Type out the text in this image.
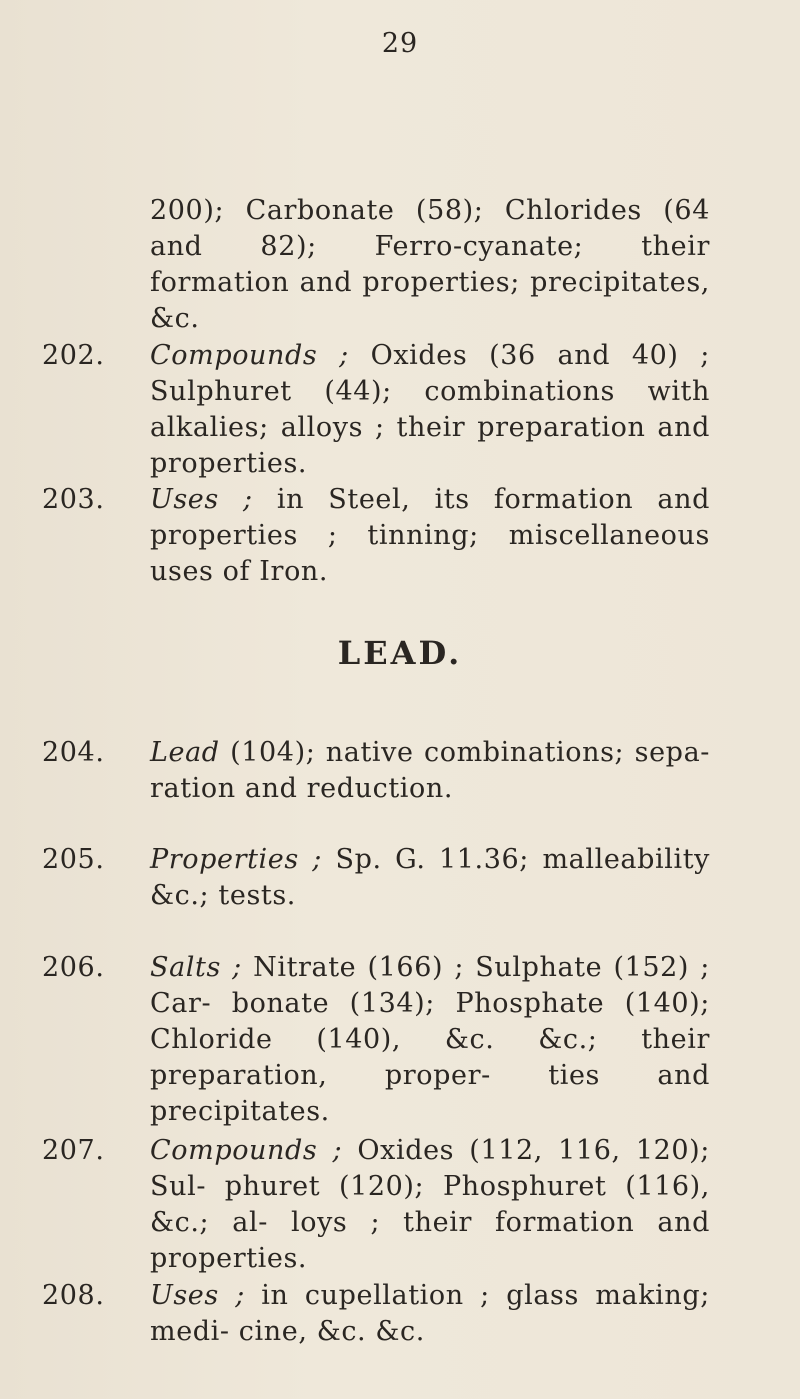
29
200); Carbonate (58); Chlorides (64 and 82); Ferro-cyanate; their formation and properties; precipitates, &c.
202.	Compounds ; Oxides (36 and 40) ; Sulphuret (44); combinations with alkalies; alloys ; their preparation and properties.
203.	Uses ; in Steel, its formation and properties ; tinning; miscellaneous uses of Iron.
LEAD.
204.	Lead (104); native combinations; sepa- ration and reduction.
205.	Properties ; Sp. G. 11.36; malleability &c.; tests.
206.	Salts ; Nitrate (166) ; Sulphate (152) ; Car- bonate (134); Phosphate (140); Chloride (140), &c. &c.; their preparation, proper- ties and precipitates.
207.	Compounds ; Oxides (112, 116, 120); Sul- phuret (120); Phosphuret (116), &c.; al- loys ; their formation and properties.
208.	Uses ; in cupellation ; glass making; medi- cine, &c. &c.
